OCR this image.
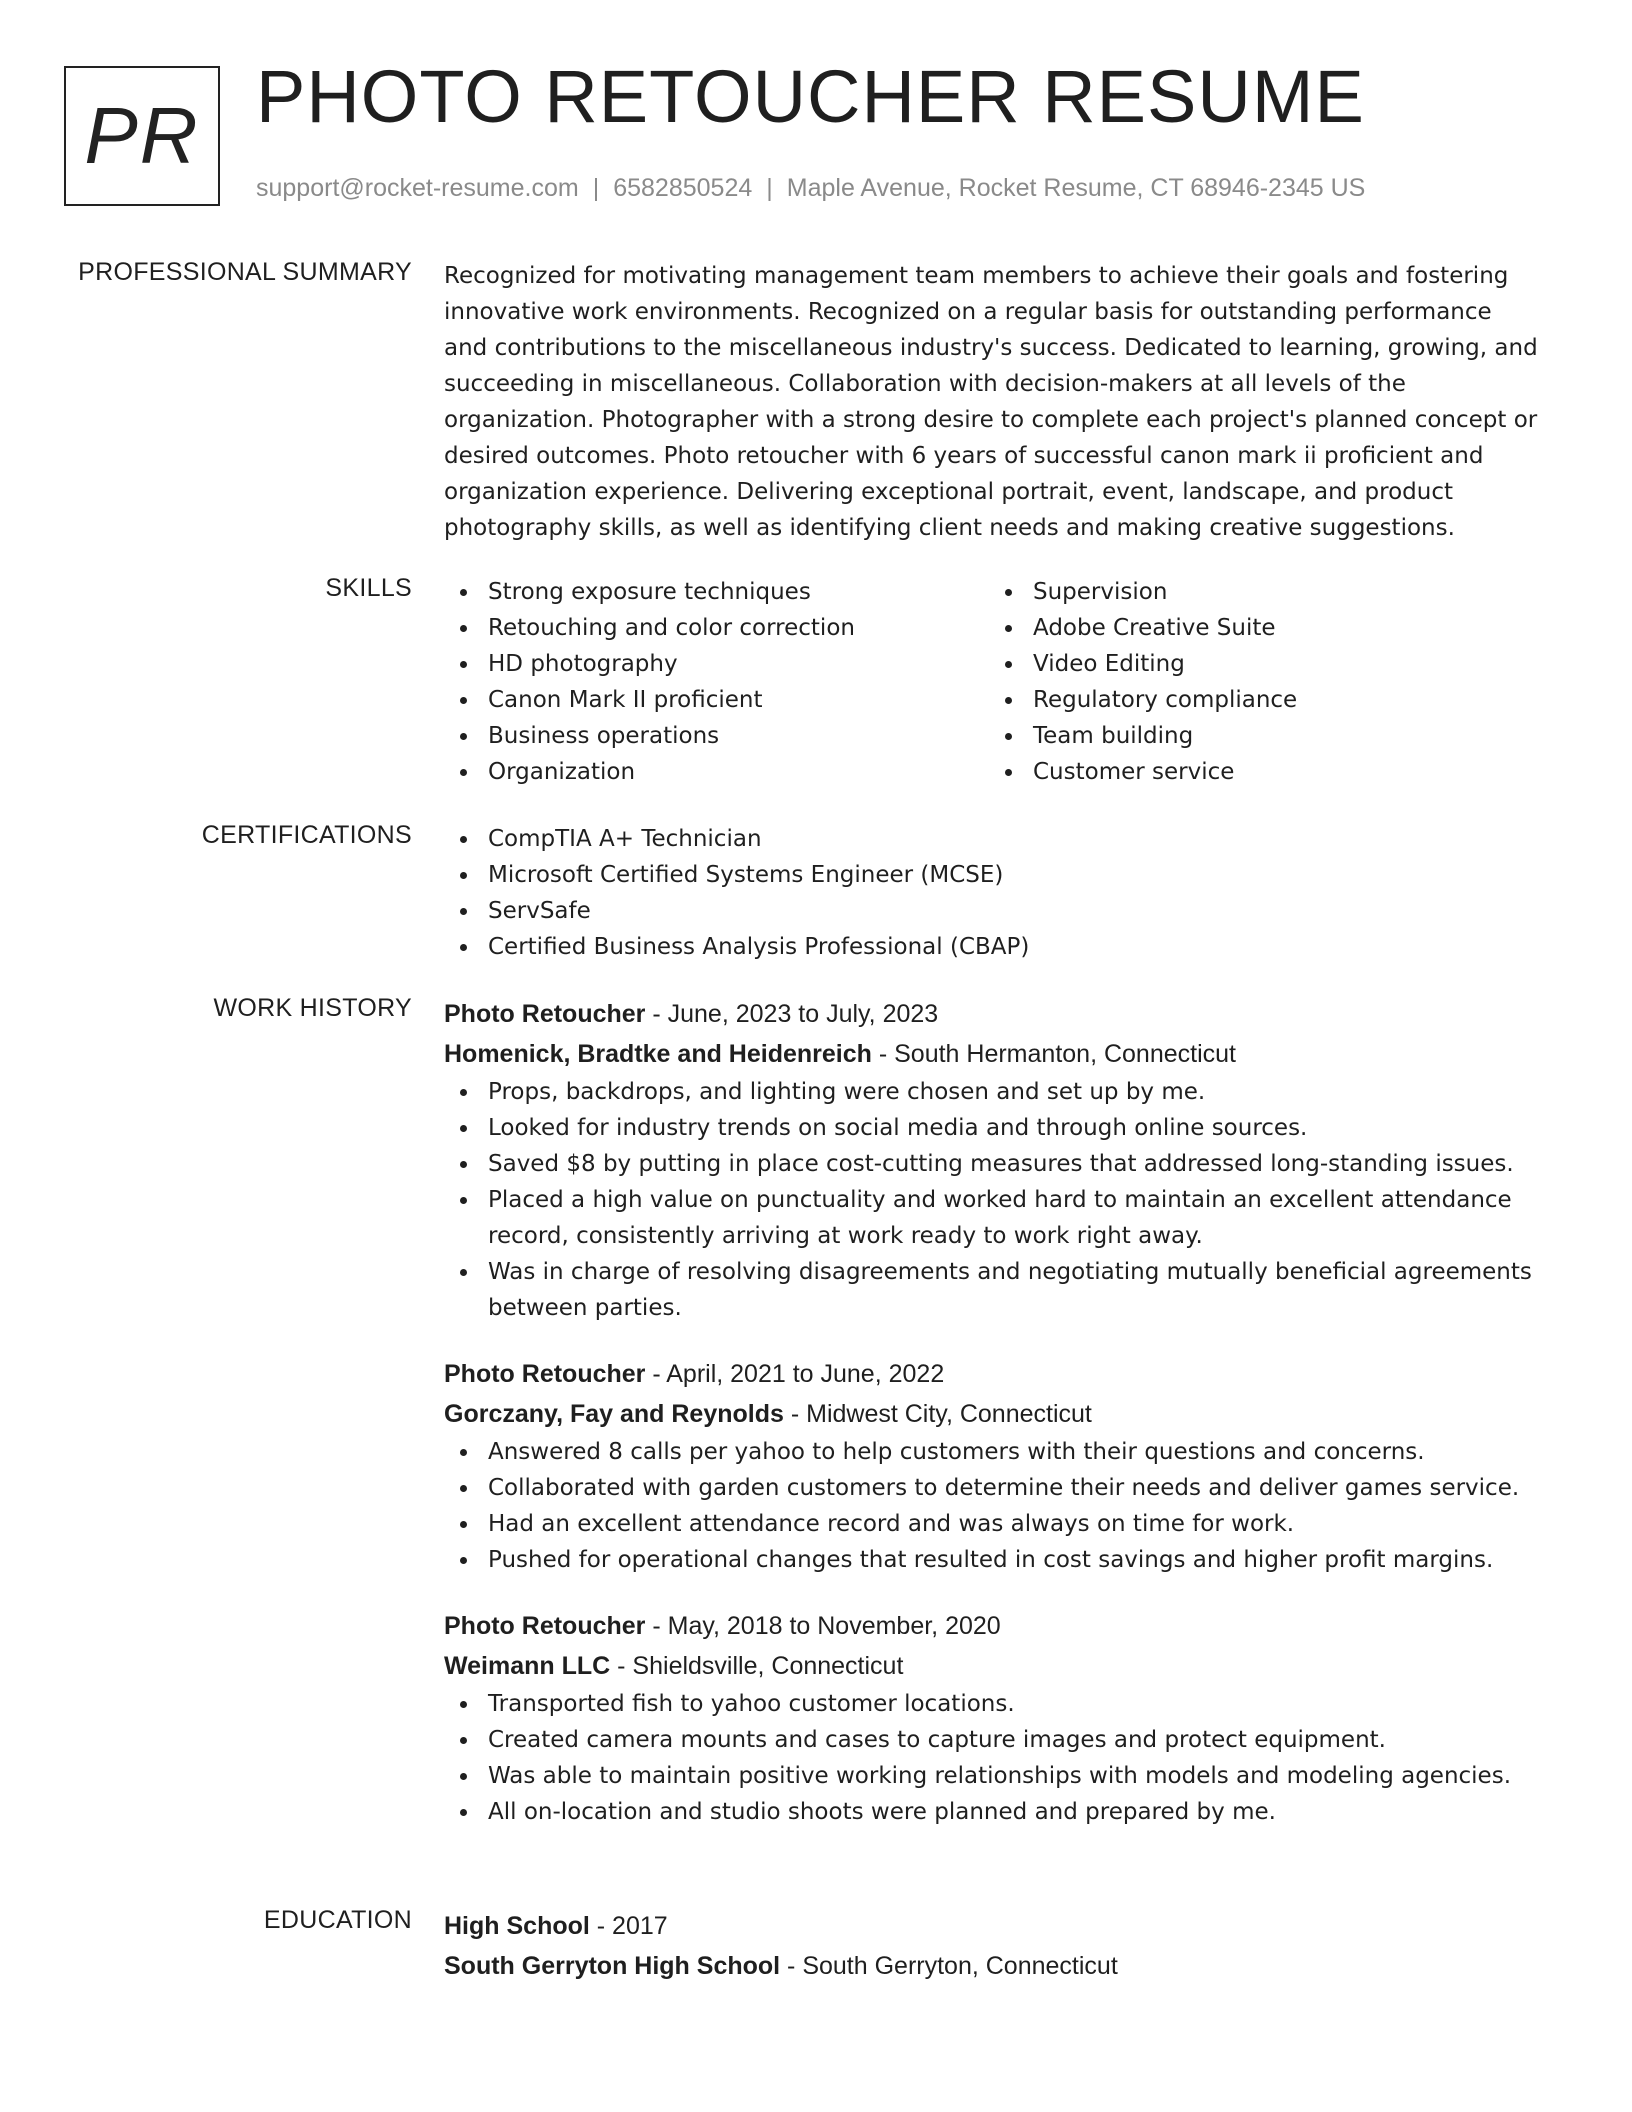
PR PHOTO RETOUCHER RESUME
support@rocket-resume.com | 6582850524 | Maple Avenue, Rocket Resume, CT 68946-2345 US
PROFESSIONAL SUMMARY Recognized for motivating management team members to achieve their goals and fostering innovative work environments. Recognized on a regular basis for outstanding performance and contributions to the miscellaneous industry's success. Dedicated to learning, growing, and succeeding in miscellaneous. Collaboration with decision-makers at all levels of the organization. Photographer with a strong desire to complete each project's planned concept or desired outcomes. Photo retoucher with 6 years of successful canon mark ii proficient and organization experience. Delivering exceptional portrait, event, landscape, and product photography skills, as well as identifying client needs and making creative suggestions.

SKILLS	Strong exposure techniques
Retouching and color correction
HD photography
Canon Mark II proficient
Business operations
Organization
Supervision
Adobe Creative Suite
Video Editing
Regulatory compliance
Team building
Customer service
CERTIFICATIONS	CompTIA A+ Technician
Microsoft Certified Systems Engineer (MCSE)
ServSafe
Certified Business Analysis Professional (CBAP)
WORK HISTORY Photo Retoucher - June, 2023 to July, 2023
Homenick, Bradtke and Heidenreich - South Hermanton, Connecticut
Props, backdrops, and lighting were chosen and set up by me.
Looked for industry trends on social media and through online sources.
Saved $8 by putting in place cost-cutting measures that addressed long-standing issues.
Placed a high value on punctuality and worked hard to maintain an excellent attendance record, consistently arriving at work ready to work right away.
Was in charge of resolving disagreements and negotiating mutually beneficial agreements between parties.
Photo Retoucher - April, 2021 to June, 2022
Gorczany, Fay and Reynolds - Midwest City, Connecticut
Answered 8 calls per yahoo to help customers with their questions and concerns.
Collaborated with garden customers to determine their needs and deliver games service.
Had an excellent attendance record and was always on time for work.
Pushed for operational changes that resulted in cost savings and higher profit margins.
Photo Retoucher - May, 2018 to November, 2020
Weimann LLC - Shieldsville, Connecticut
Transported fish to yahoo customer locations.
Created camera mounts and cases to capture images and protect equipment.
Was able to maintain positive working relationships with models and modeling agencies.
All on-location and studio shoots were planned and prepared by me.
EDUCATION High School - 2017
South Gerryton High School - South Gerryton, Connecticut
